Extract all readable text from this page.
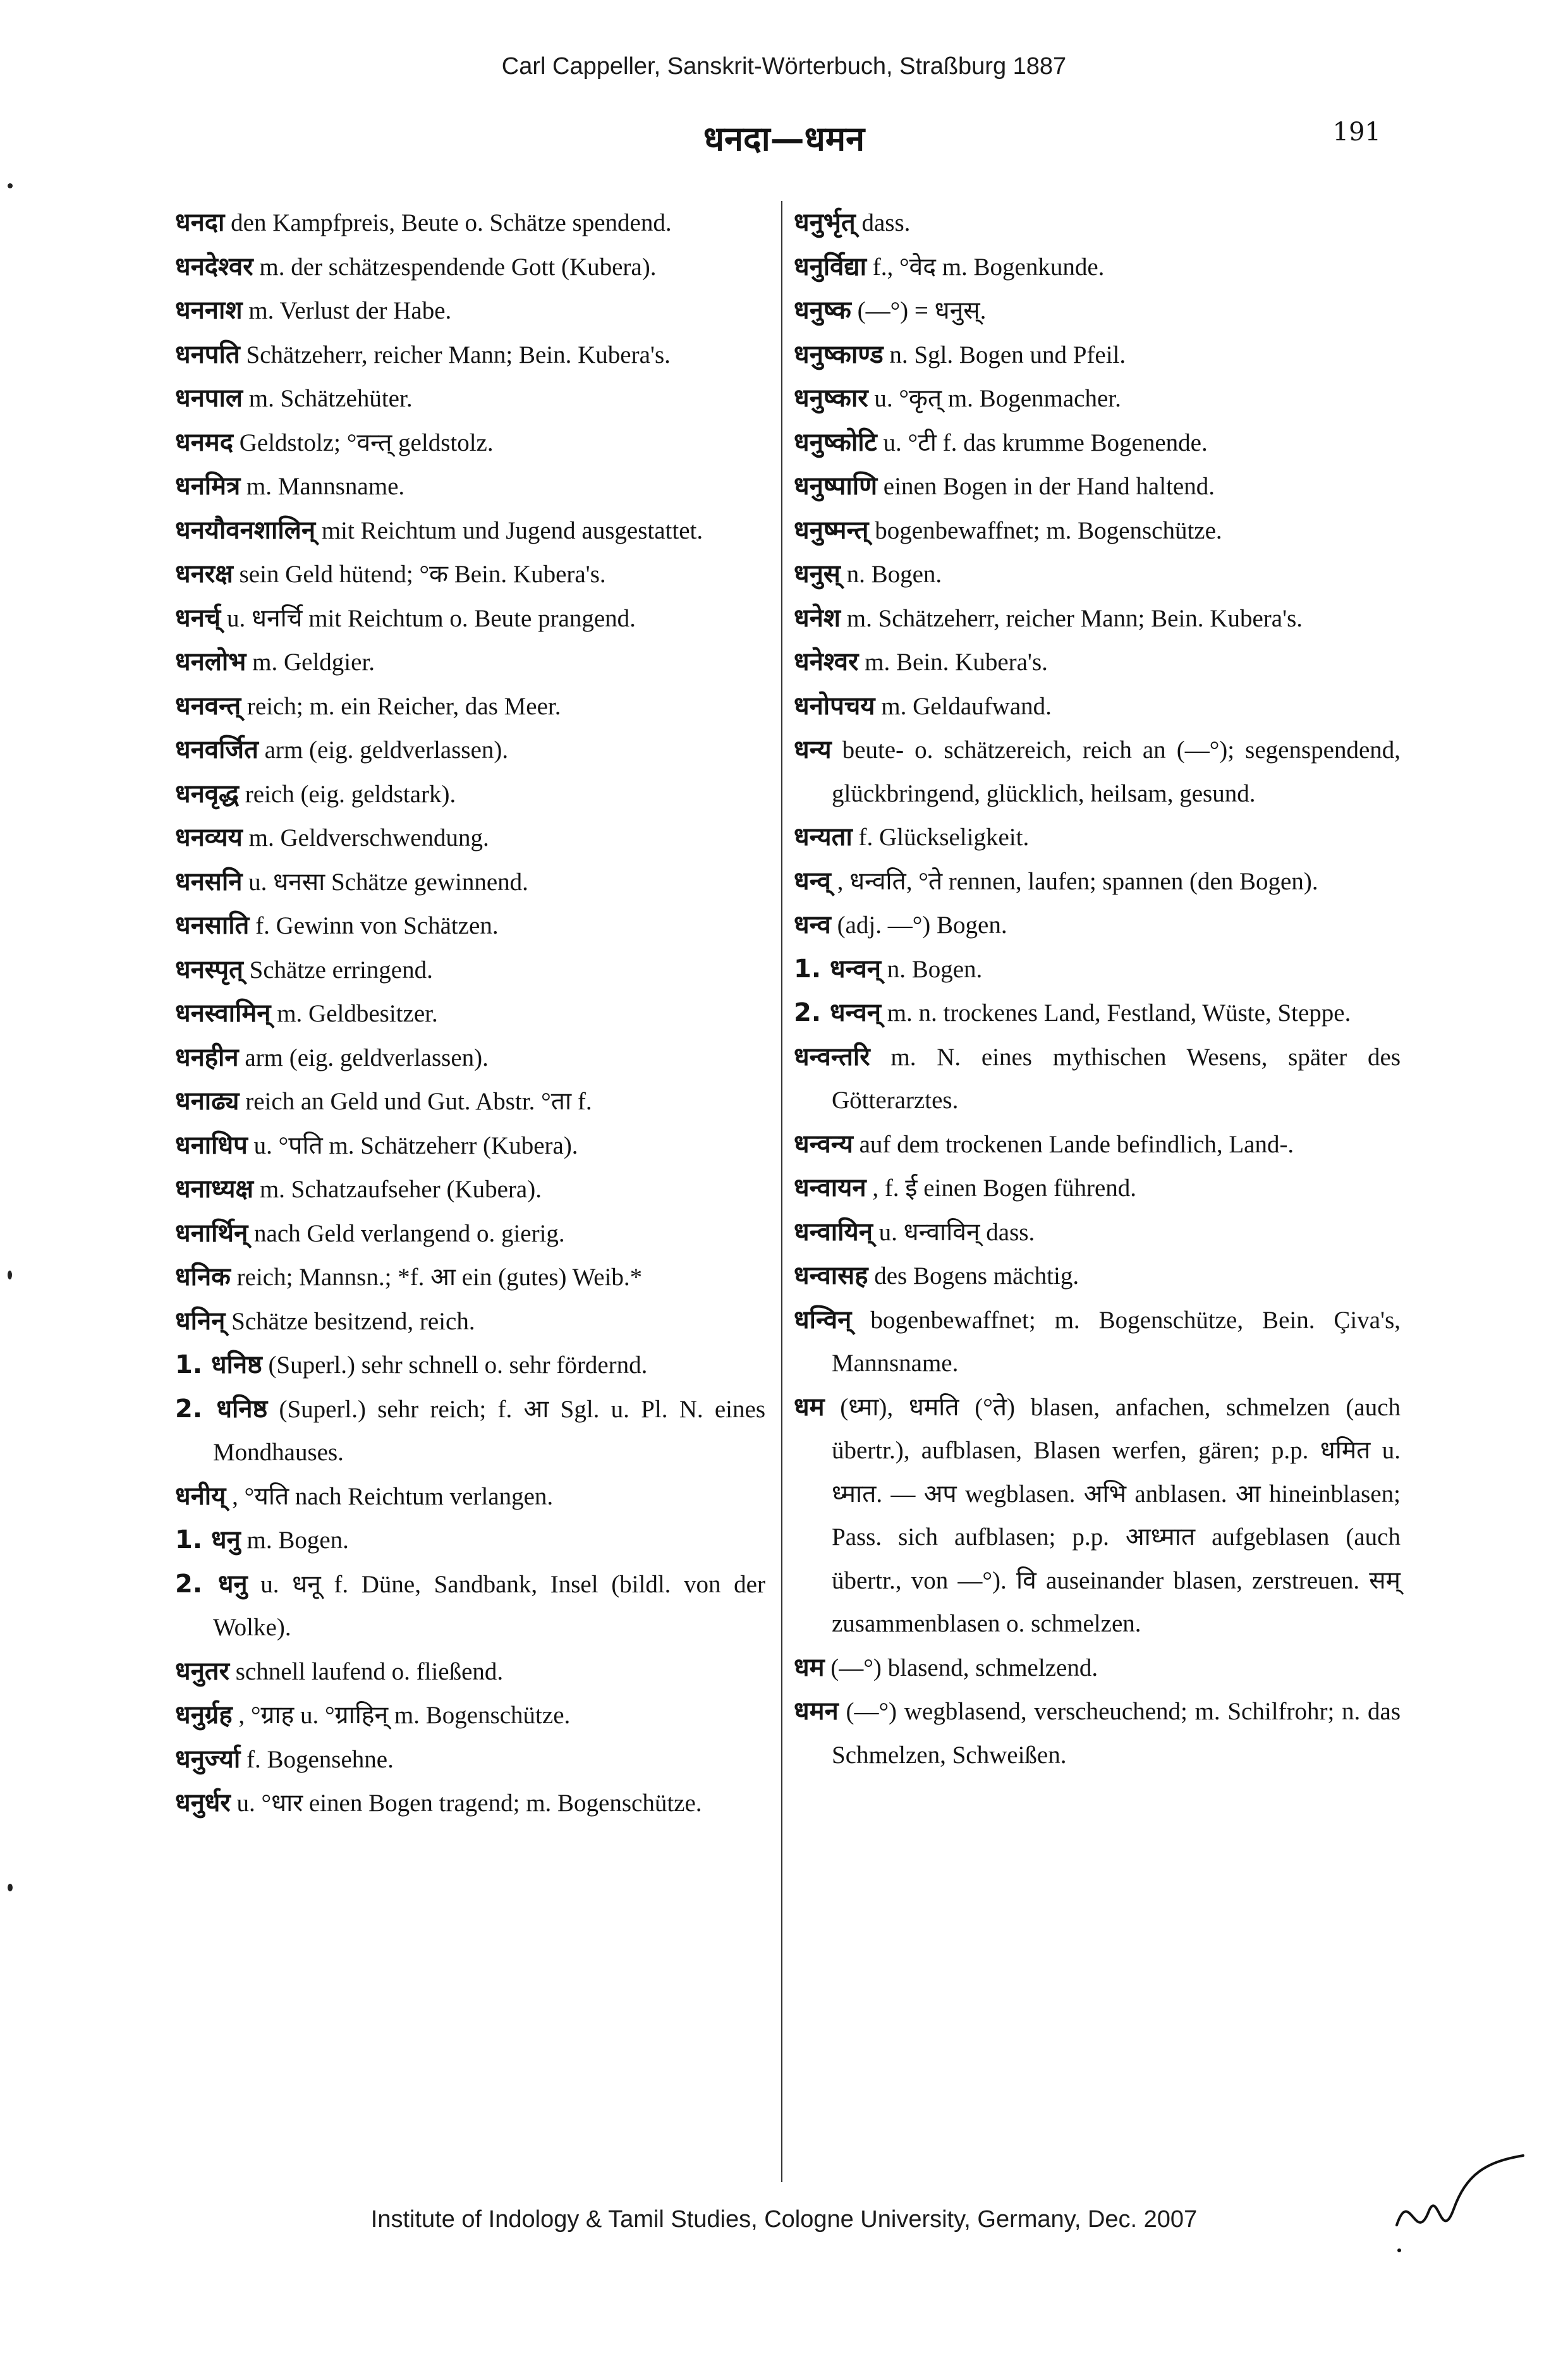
Carl Cappeller, Sanskrit-Wörterbuch, Straßburg 1887
धनदा—धमन	191

धनदा den Kampfpreis, Beute o. Schätze spendend.

धनदेश्वर m. der schätzespendende Gott (Kubera).

धननाश m. Verlust der Habe.

धनपति Schätzeherr, reicher Mann; Bein. Kubera's.

धनपाल m. Schätzehüter.

धनमद Geldstolz; °वन्त् geldstolz.

धनमित्र m. Mannsname.

धनयौवनशालिन् mit Reichtum und Jugend ausgestattet.

धनरक्ष sein Geld hütend; °क Bein. Kubera's.

धनर्च् u. धनर्चि mit Reichtum o. Beute prangend.

धनलोभ m. Geldgier.

धनवन्त् reich; m. ein Reicher, das Meer.

धनवर्जित arm (eig. geldverlassen).

धनवृद्ध reich (eig. geldstark).

धनव्यय m. Geldverschwendung.

धनसनि u. धनसा Schätze gewinnend.

धनसाति f. Gewinn von Schätzen.

धनस्पृत् Schätze erringend.

धनस्वामिन् m. Geldbesitzer.

धनहीन arm (eig. geldverlassen).

धनाढ्य reich an Geld und Gut. Abstr. °ता f.

धनाधिप u. °पति m. Schätzeherr (Kubera).

धनाध्यक्ष m. Schatzaufseher (Kubera).

धनार्थिन् nach Geld verlangend o. gierig.

धनिक reich; Mannsn.; *f. आ ein (gutes) Weib.*

धनिन् Schätze besitzend, reich.

1. धनिष्ठ (Superl.) sehr schnell o. sehr fördernd.

2. धनिष्ठ (Superl.) sehr reich; f. आ Sgl. u. Pl. N. eines Mondhauses.

धनीय् , °यति nach Reichtum verlangen.

1. धनु m. Bogen.

2. धनु u. धनू f. Düne, Sandbank, Insel (bildl. von der Wolke).

धनुतर schnell laufend o. fließend.

धनुर्ग्रह , °ग्राह u. °ग्राहिन् m. Bogenschütze.

धनुर्ज्या f. Bogensehne.

धनुर्धर u. °धार einen Bogen tragend; m. Bogenschütze.

धनुर्भृत् dass.

धनुर्विद्या f., °वेद m. Bogenkunde.

धनुष्क (—°) = धनुस्.

धनुष्काण्ड n. Sgl. Bogen und Pfeil.

धनुष्कार u. °कृत् m. Bogenmacher.

धनुष्कोटि u. °टी f. das krumme Bogenende.

धनुष्पाणि einen Bogen in der Hand haltend.

धनुष्मन्त् bogenbewaffnet; m. Bogenschütze.

धनुस् n. Bogen.

धनेश m. Schätzeherr, reicher Mann; Bein. Kubera's.

धनेश्वर m. Bein. Kubera's.

धनोपचय m. Geldaufwand.

धन्य beute- o. schätzereich, reich an (—°); segenspendend, glückbringend, glücklich, heilsam, gesund.

धन्यता f. Glückseligkeit.

धन्व् , धन्वति, °ते rennen, laufen; spannen (den Bogen).

धन्व (adj. —°) Bogen.

1. धन्वन् n. Bogen.

2. धन्वन् m. n. trockenes Land, Festland, Wüste, Steppe.

धन्वन्तरि m. N. eines mythischen Wesens, später des Götterarztes.

धन्वन्य auf dem trockenen Lande befindlich, Land-.

धन्वायन , f. ई einen Bogen führend.

धन्वायिन् u. धन्वाविन् dass.

धन्वासह des Bogens mächtig.

धन्विन् bogenbewaffnet; m. Bogenschütze, Bein. Çiva's, Mannsname.

धम (ध्मा), धमति (°ते) blasen, anfachen, schmelzen (auch übertr.), aufblasen, Blasen werfen, gären; p.p. धमित u. ध्मात. — अप wegblasen. अभि anblasen. आ hineinblasen; Pass. sich aufblasen; p.p. आध्मात aufgeblasen (auch übertr., von —°). वि auseinander blasen, zerstreuen. सम् zusammenblasen o. schmelzen.

धम (—°) blasend, schmelzend.

धमन (—°) wegblasend, verscheuchend; m. Schilfrohr; n. das Schmelzen, Schweißen.

Institute of Indology & Tamil Studies, Cologne University, Germany, Dec. 2007
